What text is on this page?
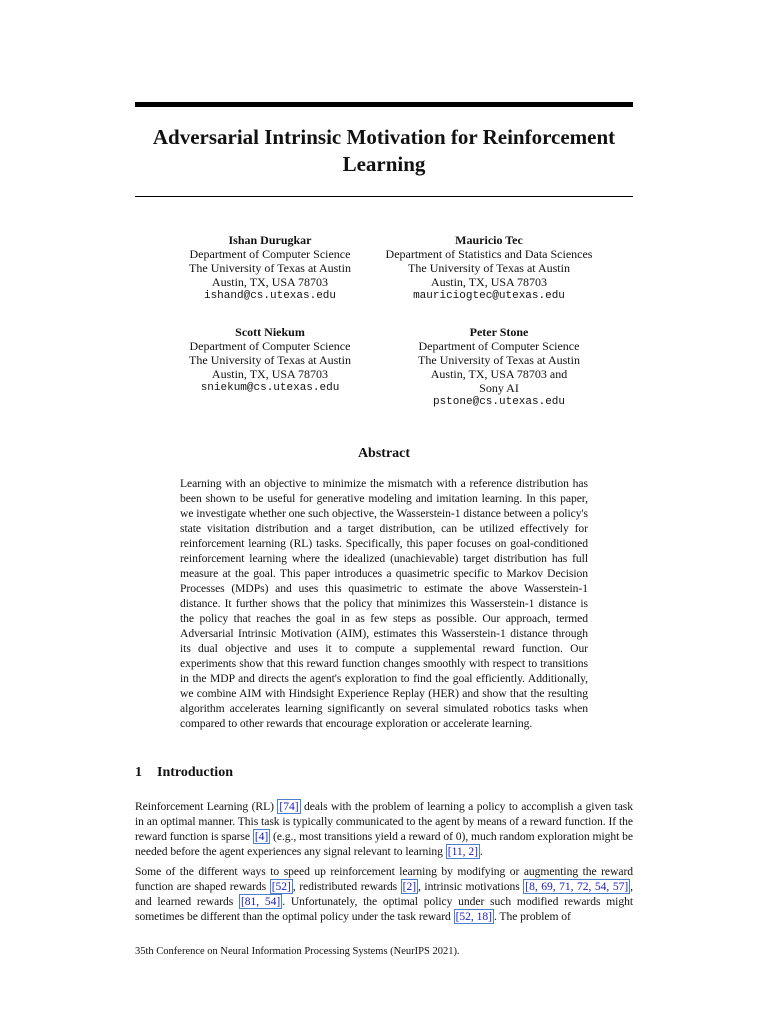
Adversarial Intrinsic Motivation for Reinforcement Learning
Ishan Durugkar
Department of Computer Science
The University of Texas at Austin
Austin, TX, USA 78703
ishand@cs.utexas.edu
Mauricio Tec
Department of Statistics and Data Sciences
The University of Texas at Austin
Austin, TX, USA 78703
mauriciogtec@utexas.edu
Scott Niekum
Department of Computer Science
The University of Texas at Austin
Austin, TX, USA 78703
sniekum@cs.utexas.edu
Peter Stone
Department of Computer Science
The University of Texas at Austin
Austin, TX, USA 78703 and
Sony AI
pstone@cs.utexas.edu
Abstract
Learning with an objective to minimize the mismatch with a reference distribution has been shown to be useful for generative modeling and imitation learning. In this paper, we investigate whether one such objective, the Wasserstein-1 distance between a policy's state visitation distribution and a target distribution, can be utilized effectively for reinforcement learning (RL) tasks. Specifically, this paper focuses on goal-conditioned reinforcement learning where the idealized (unachievable) target distribution has full measure at the goal. This paper introduces a quasimetric specific to Markov Decision Processes (MDPs) and uses this quasimetric to estimate the above Wasserstein-1 distance. It further shows that the policy that minimizes this Wasserstein-1 distance is the policy that reaches the goal in as few steps as possible. Our approach, termed Adversarial Intrinsic Motivation (AIM), estimates this Wasserstein-1 distance through its dual objective and uses it to compute a supplemental reward function. Our experiments show that this reward function changes smoothly with respect to transitions in the MDP and directs the agent's exploration to find the goal efficiently. Additionally, we combine AIM with Hindsight Experience Replay (HER) and show that the resulting algorithm accelerates learning significantly on several simulated robotics tasks when compared to other rewards that encourage exploration or accelerate learning.
1 Introduction
Reinforcement Learning (RL) [74] deals with the problem of learning a policy to accomplish a given task in an optimal manner. This task is typically communicated to the agent by means of a reward function. If the reward function is sparse [4] (e.g., most transitions yield a reward of 0), much random exploration might be needed before the agent experiences any signal relevant to learning [11, 2] .
Some of the different ways to speed up reinforcement learning by modifying or augmenting the reward function are shaped rewards [52] , redistributed rewards [2] , intrinsic motivations [8, 69, 71, 72, 54, 57] , and learned rewards [81, 54] . Unfortunately, the optimal policy under such modified rewards might sometimes be different than the optimal policy under the task reward [52, 18] . The problem of
35th Conference on Neural Information Processing Systems (NeurIPS 2021).
